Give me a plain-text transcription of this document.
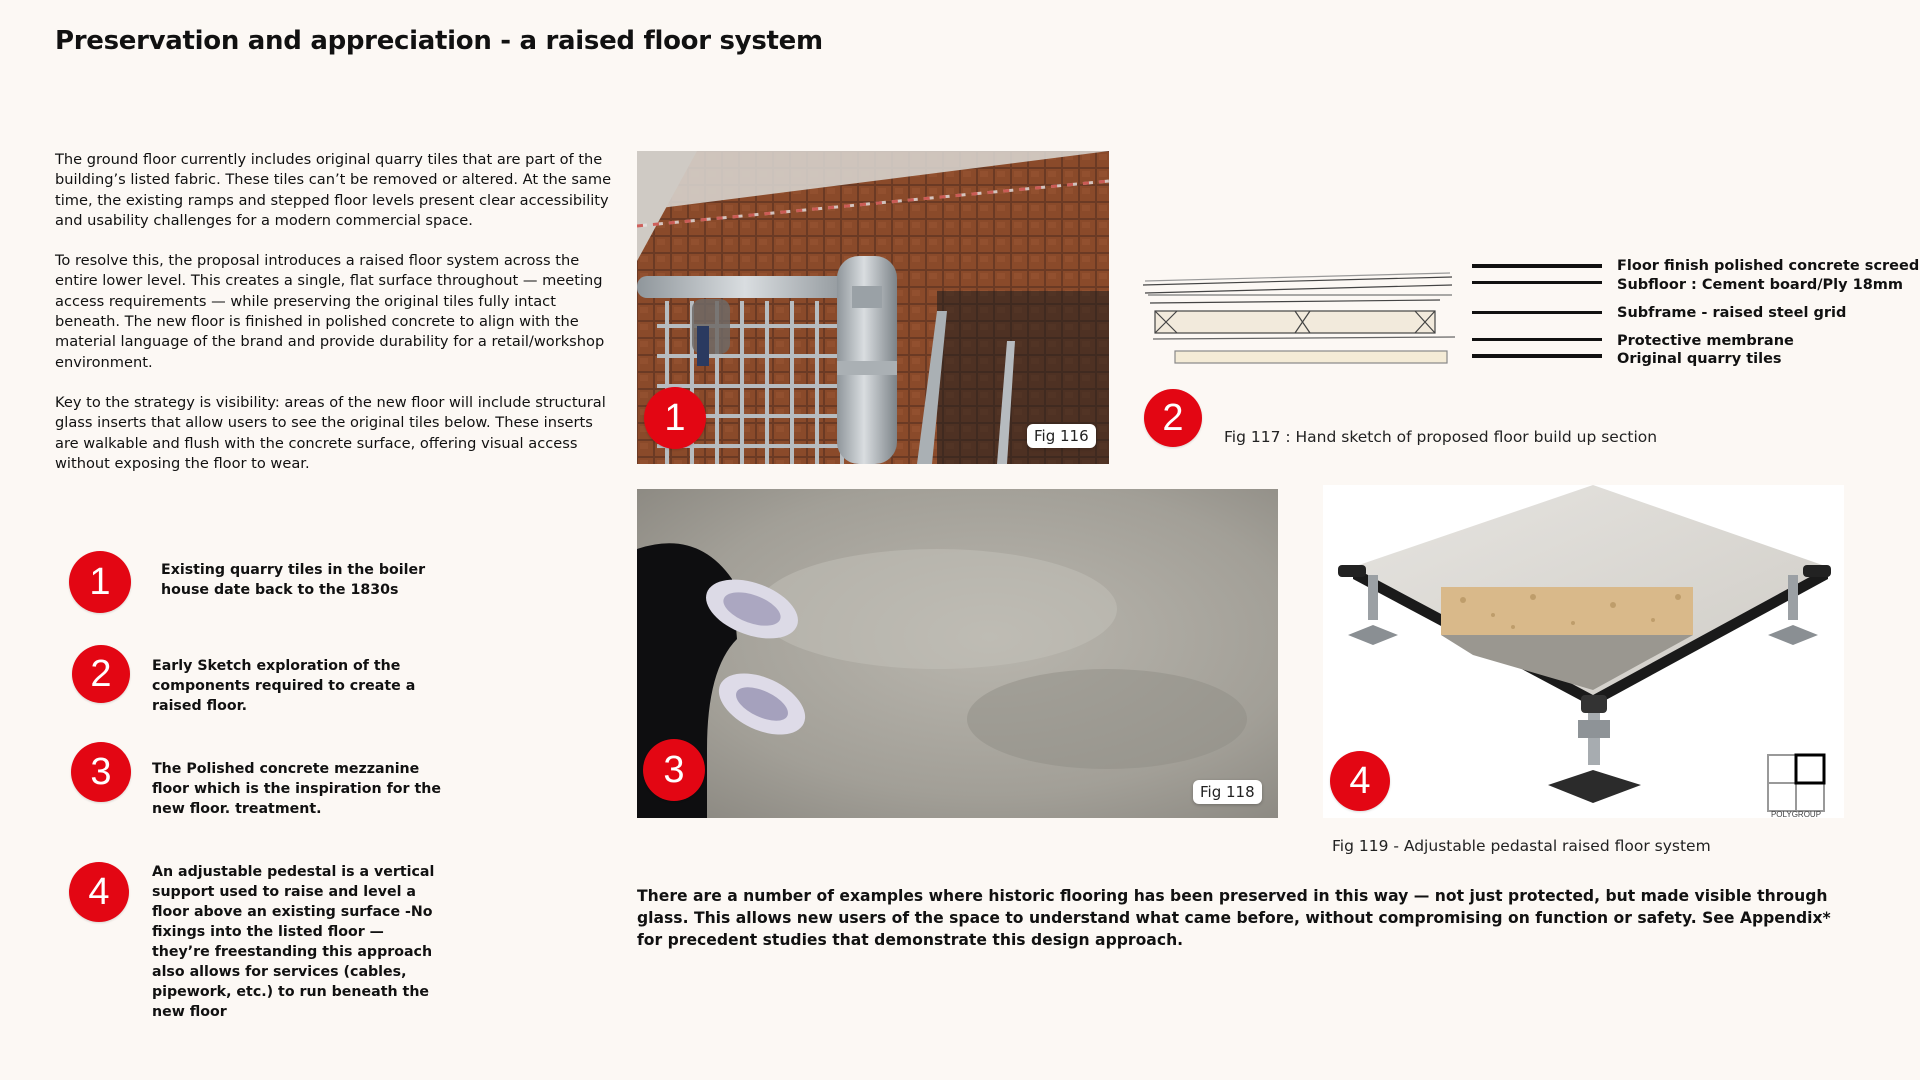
Preservation and appreciation - a raised floor system

The ground floor currently includes original quarry tiles that are part of the building’s listed fabric. These tiles can’t be removed or altered. At the same time, the existing ramps and stepped floor levels present clear accessibility and usability challenges for a modern commercial space.

To resolve this, the proposal introduces a raised floor system across the entire lower level. This creates a single, flat surface throughout — meeting access requirements — while preserving the original tiles fully intact beneath. The new floor is finished in polished concrete to align with the material language of the brand and provide durability for a retail/workshop environment.

Key to the strategy is visibility: areas of the new floor will include structural glass inserts that allow users to see the original tiles below. These inserts are walkable and flush with the concrete surface, offering visual access without exposing the floor to wear.

1	Existing quarry tiles in the boiler house date back to the 1830s
2	Early Sketch exploration of the components required to create a raised floor.
3	The Polished concrete mezzanine floor which is the inspiration for the new floor. treatment.
4	An adjustable pedestal is a vertical support used to raise and level a floor above an existing surface -No fixings into the listed floor — they’re freestanding this approach also allows for services (cables, pipework, etc.) to run beneath the new floor
1	Fig 116
Floor finish polished concrete screed
Subfloor : Cement board/Ply 18mm
Subframe - raised steel grid
Protective membrane
Original quarry tiles
2	Fig 117 : Hand sketch of proposed floor build up section
3
Fig 118
POLYGROUP
4
Fig 119 - Adjustable pedastal raised floor system
There are a number of examples where historic flooring has been preserved in this way — not just protected, but made visible through glass. This allows new users of the space to understand what came before, without compromising on function or safety. See Appendix* for precedent studies that demonstrate this design approach.
